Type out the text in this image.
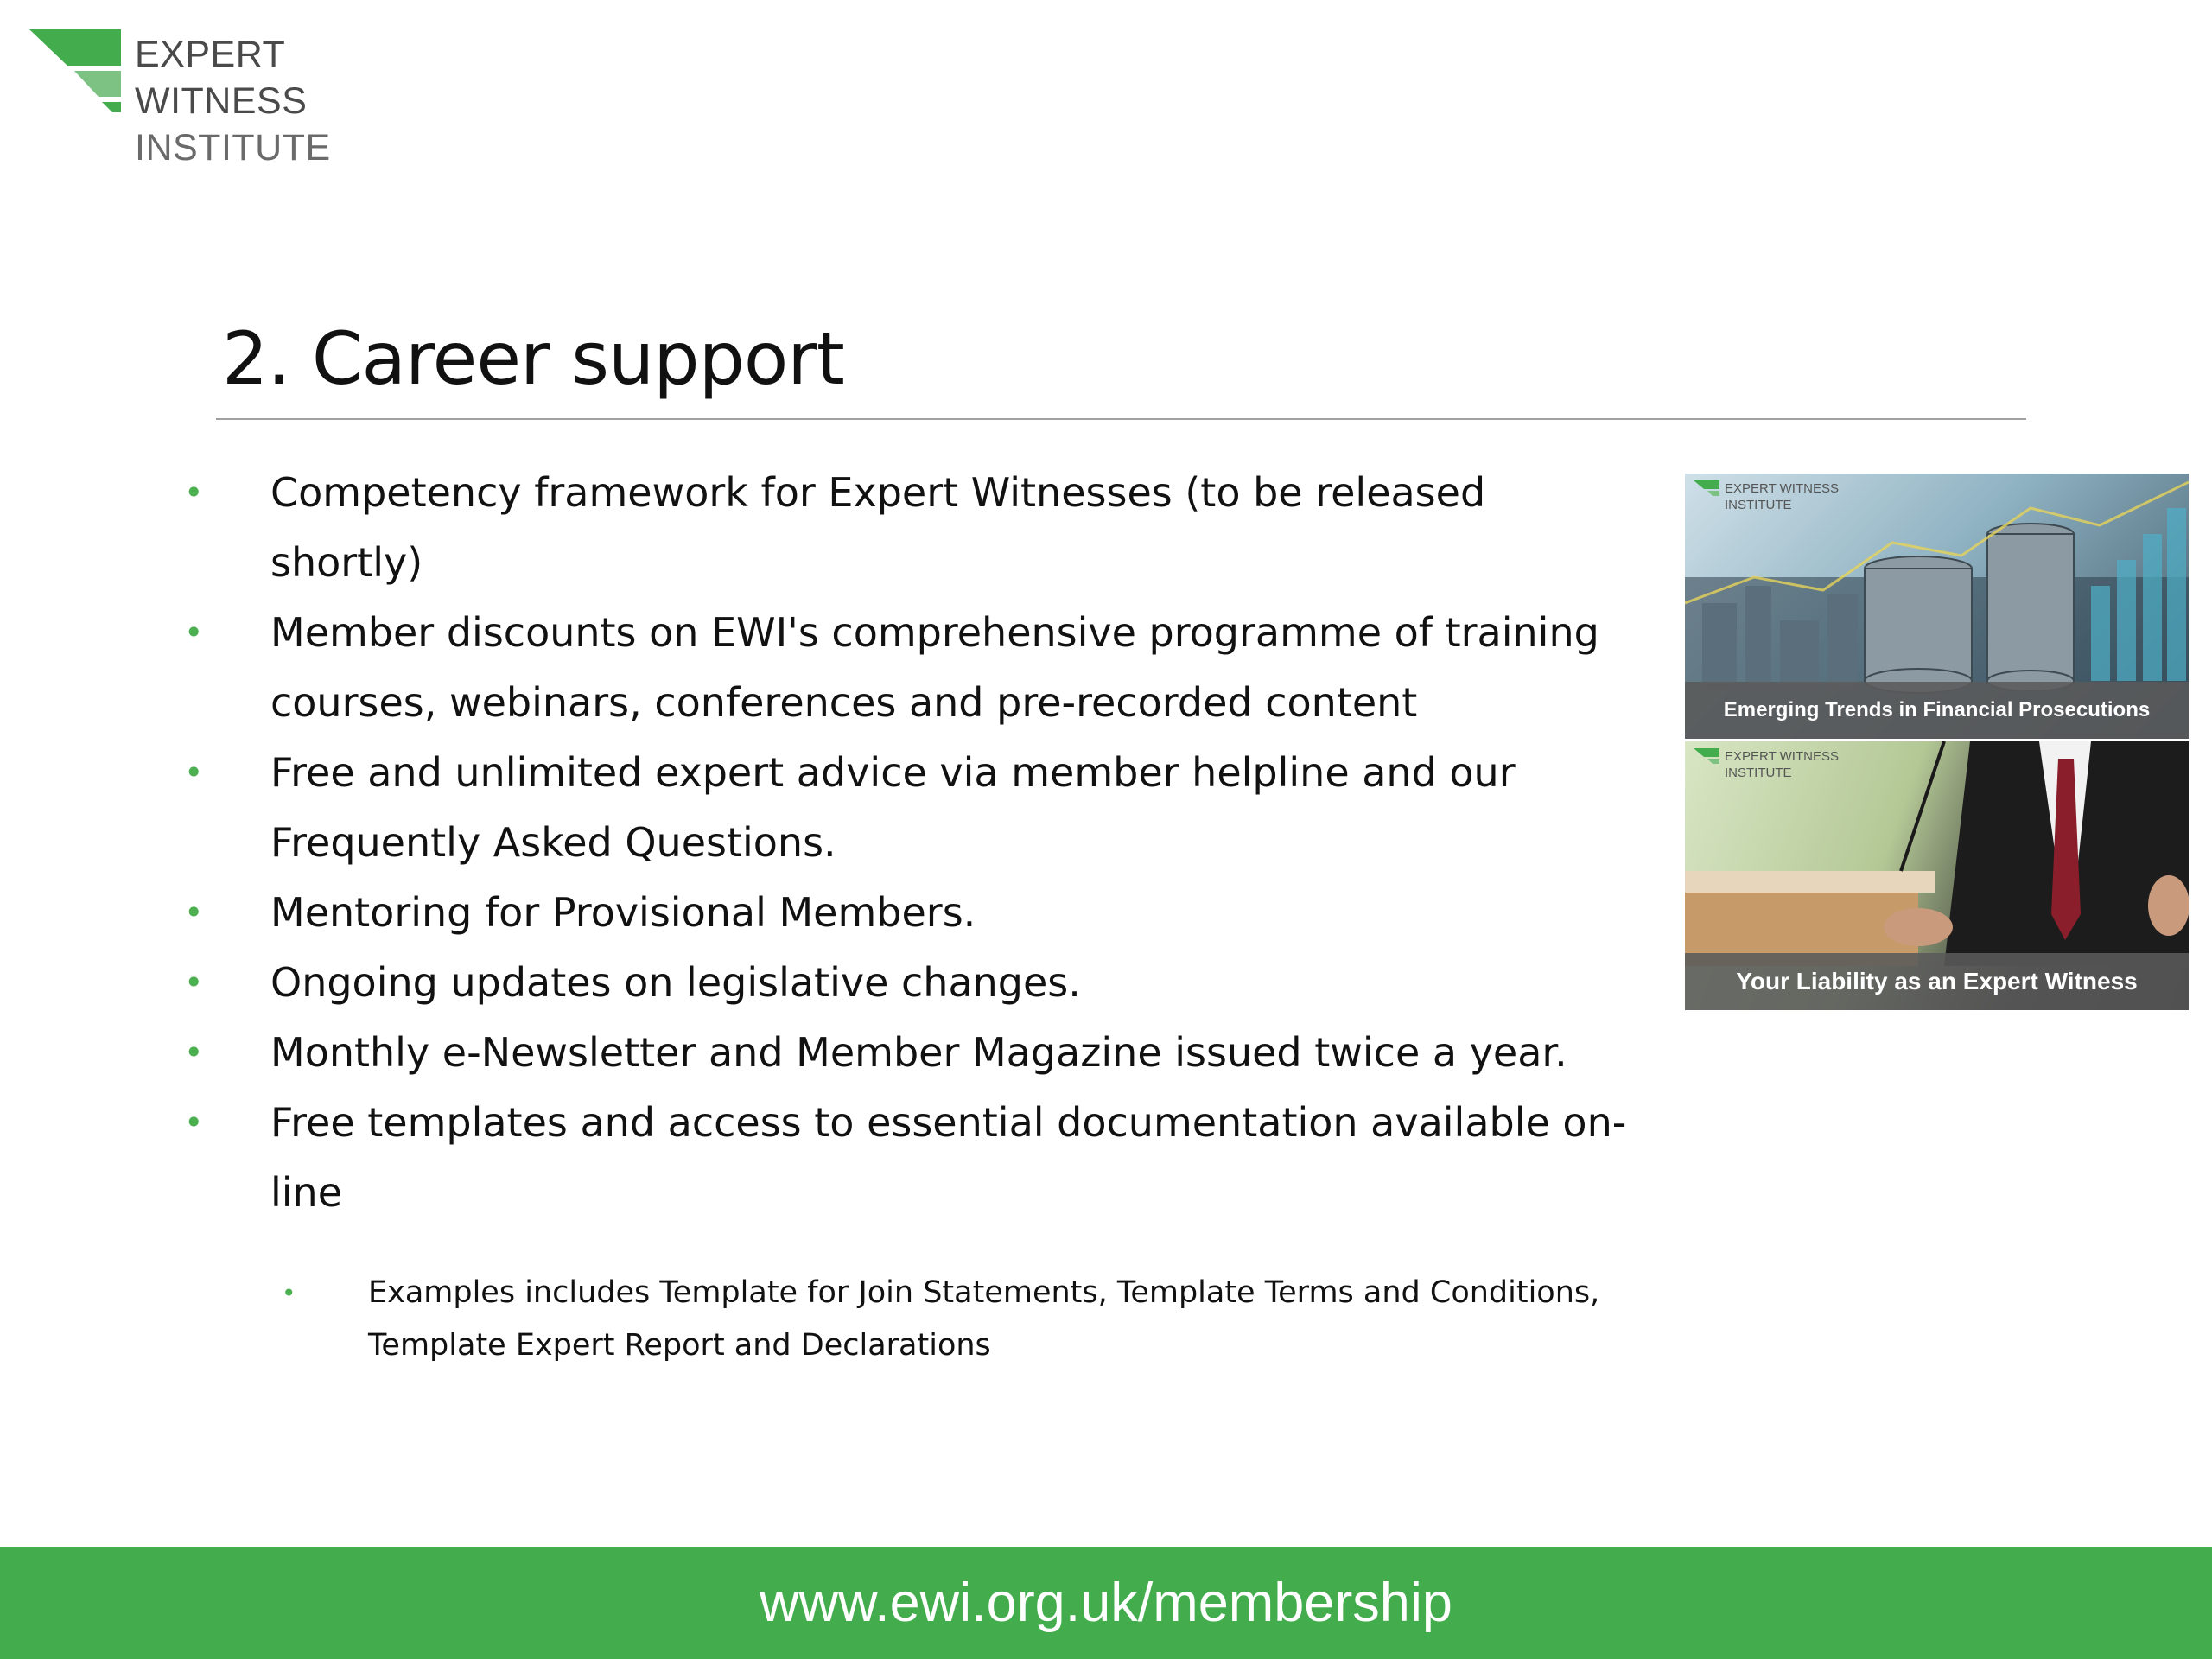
EXPERT WITNESS
INSTITUTE
2. Career support
• Competency framework for Expert Witnesses (to be released shortly)
• Member discounts on EWI's comprehensive programme of training courses, webinars, conferences and pre-recorded content
• Free and unlimited expert advice via member helpline and our Frequently Asked Questions.
• Mentoring for Provisional Members.
• Ongoing updates on legislative changes.
• Monthly e-Newsletter and Member Magazine issued twice a year.
• Free templates and access to essential documentation available on-line
• Examples includes Template for Join Statements, Template Terms and Conditions, Template Expert Report and Declarations
EXPERT WITNESS
INSTITUTE
Emerging Trends in Financial Prosecutions
EXPERT WITNESS
INSTITUTE
Your Liability as an Expert Witness
www.ewi.org.uk/membership
